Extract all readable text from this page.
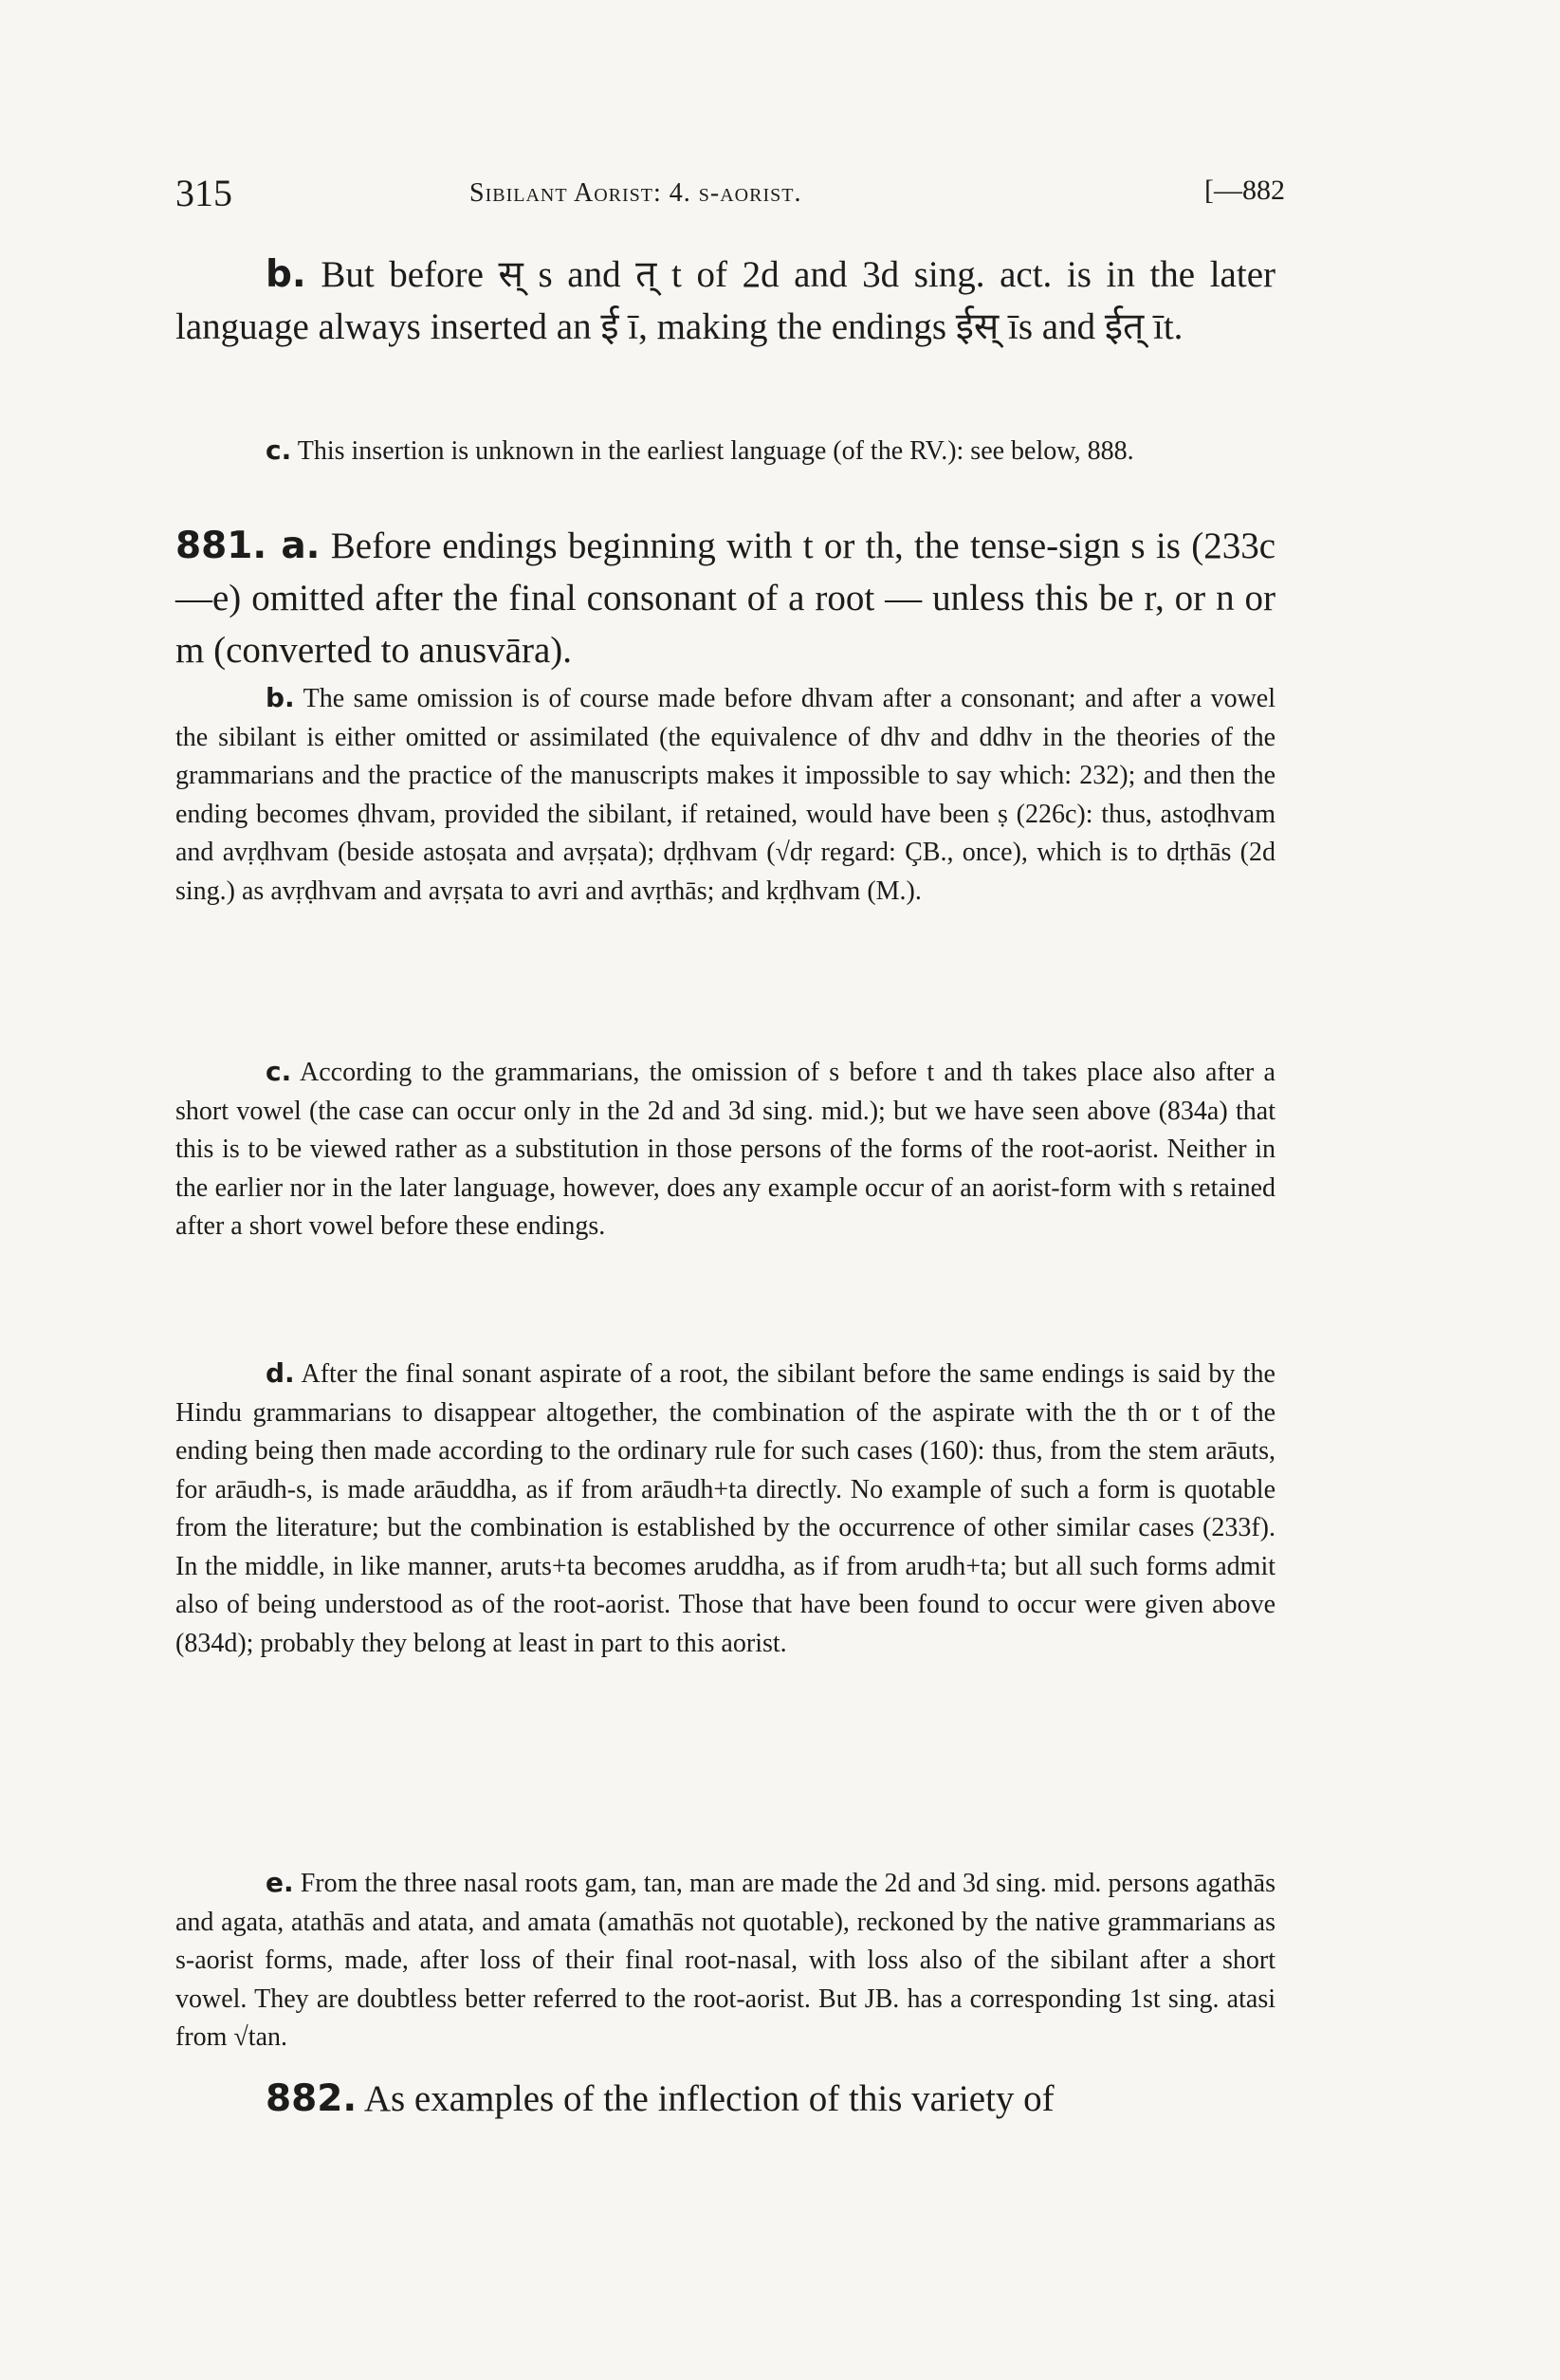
315	Sibilant Aorist: 4. s-aorist.	[—882

b. But before स् s and त् t of 2d and 3d sing. act. is in the later language always inserted an ई ī, making the endings ईस् īs and ईत् īt.

c. This insertion is unknown in the earliest language (of the RV.): see below, 888.

881. a. Before endings beginning with t or th, the tense-sign s is (233c—e) omitted after the final consonant of a root — unless this be r, or n or m (converted to anusvāra).

b. The same omission is of course made before dhvam after a consonant; and after a vowel the sibilant is either omitted or assimilated (the equivalence of dhv and ddhv in the theories of the grammarians and the practice of the manuscripts makes it impossible to say which: 232); and then the ending becomes ḍhvam, provided the sibilant, if retained, would have been ṣ (226c): thus, astoḍhvam and avṛḍhvam (beside astoṣata and avṛṣata); dṛḍhvam (√dṛ regard: ÇB., once), which is to dṛthās (2d sing.) as avṛḍhvam and avṛṣata to avri and avṛthās; and kṛḍhvam (M.).

c. According to the grammarians, the omission of s before t and th takes place also after a short vowel (the case can occur only in the 2d and 3d sing. mid.); but we have seen above (834a) that this is to be viewed rather as a substitution in those persons of the forms of the root-aorist. Neither in the earlier nor in the later language, however, does any example occur of an aorist-form with s retained after a short vowel before these endings.

d. After the final sonant aspirate of a root, the sibilant before the same endings is said by the Hindu grammarians to disappear altogether, the combination of the aspirate with the th or t of the ending being then made according to the ordinary rule for such cases (160): thus, from the stem arāuts, for arāudh-s, is made arāuddha, as if from arāudh+ta directly. No example of such a form is quotable from the literature; but the combination is established by the occurrence of other similar cases (233f). In the middle, in like manner, aruts+ta becomes aruddha, as if from arudh+ta; but all such forms admit also of being understood as of the root-aorist. Those that have been found to occur were given above (834d); probably they belong at least in part to this aorist.

e. From the three nasal roots gam, tan, man are made the 2d and 3d sing. mid. persons agathās and agata, atathās and atata, and amata (amathās not quotable), reckoned by the native grammarians as s-aorist forms, made, after loss of their final root-nasal, with loss also of the sibilant after a short vowel. They are doubtless better referred to the root-aorist. But JB. has a corresponding 1st sing. atasi from √tan.

882. As examples of the inflection of this variety of
